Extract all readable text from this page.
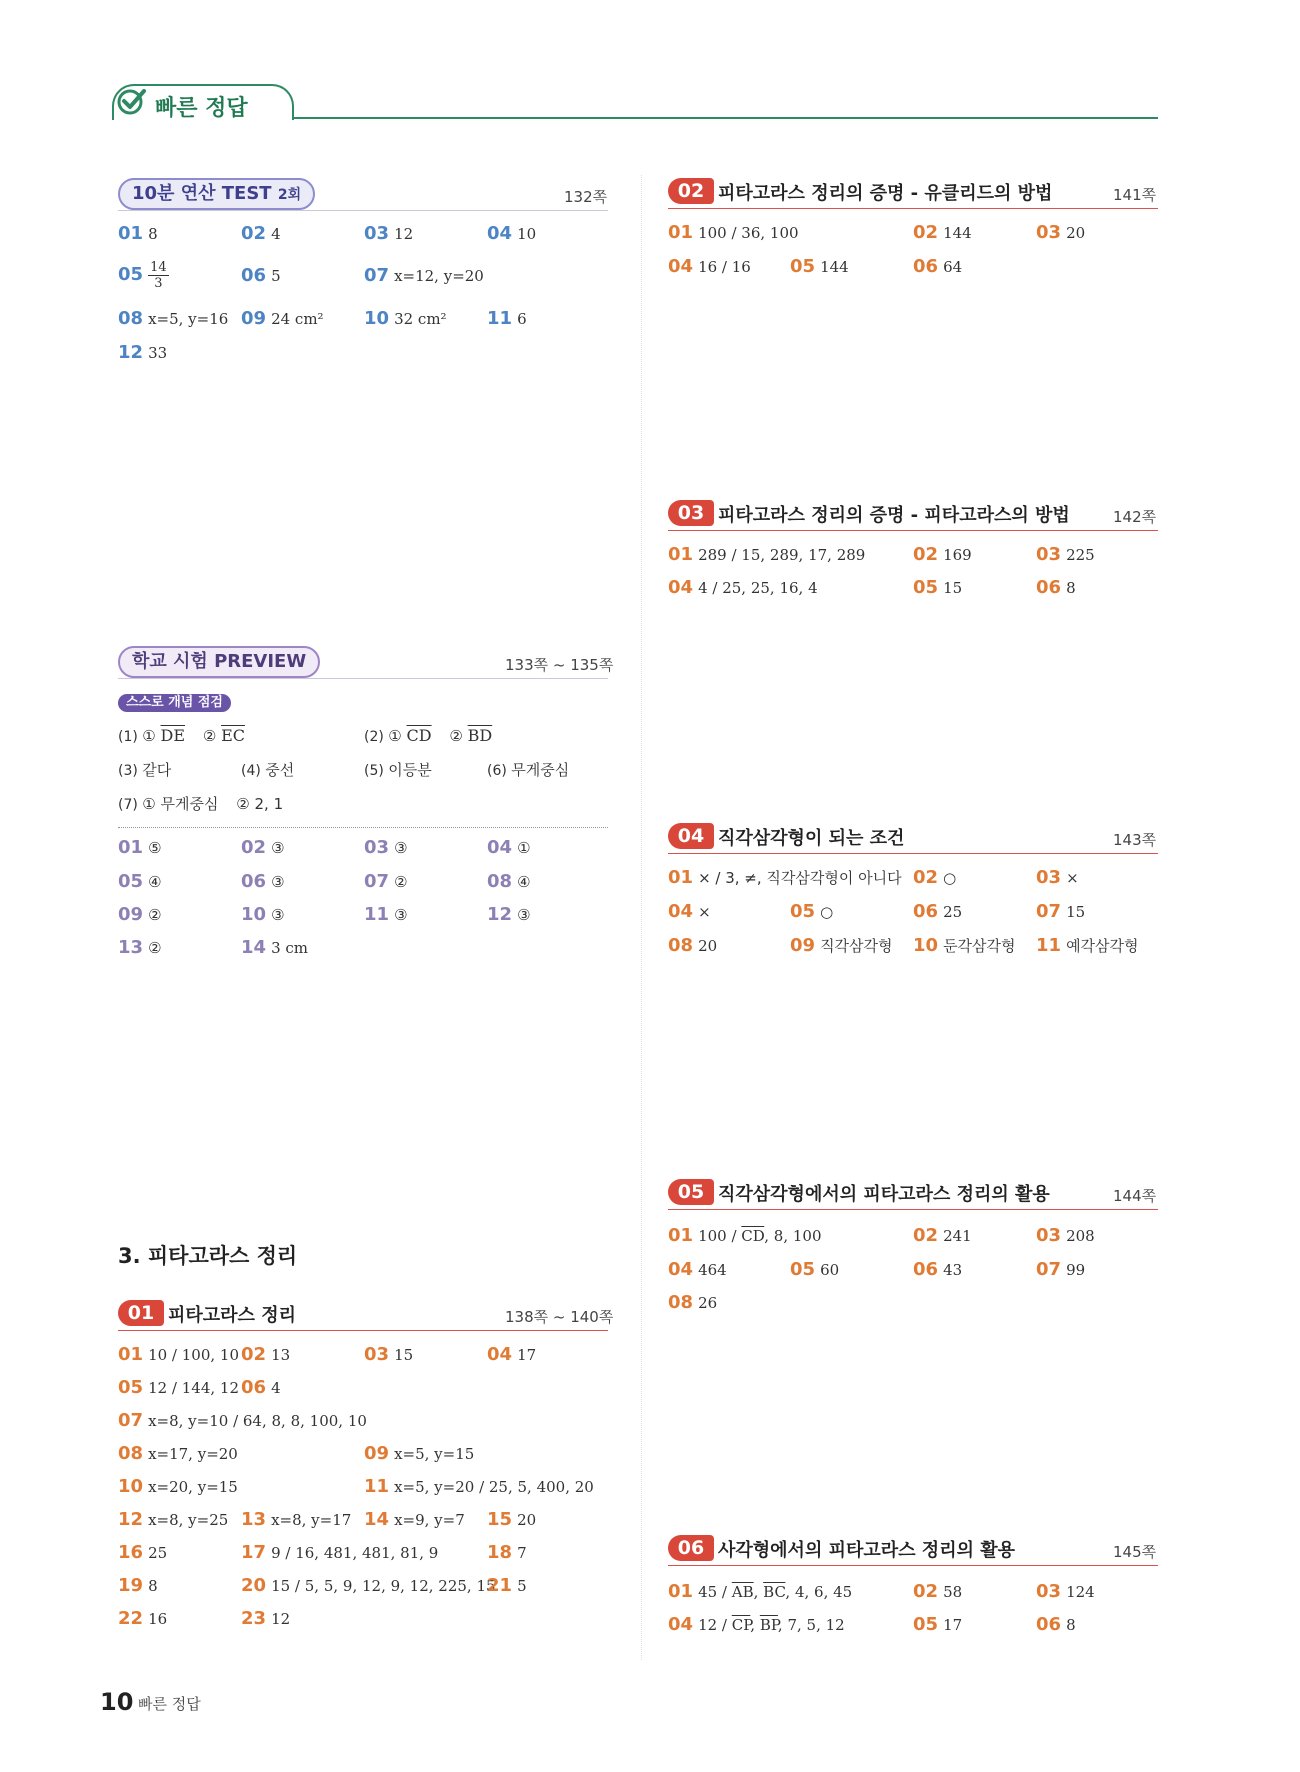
빠른 정답
10분 연산 TEST 2회	132쪽
01 8	02 4	03 12	04 10
$05 \frac{14}{3}$	06 5	07 x=12, y=20
08 x=5, y=16 09 24 cm² 10 32 cm² 11 6
12 33
학교 시험 PREVIEW	133쪽 ~ 135쪽
스스로 개념 점검
(1) ① $\overline{DE}$ ② $\overline{EC}$	(2) ① $\overline{CD}$ ② $\overline{BD}$
(3) 같다	(4) 중선	(5) 이등분	(6) 무게중심
(7) ① 무게중심 ② 2, 1
01 ⑤	02 ③	03 ③	04 ①
05 ④	06 ③	07 ②	08 ④
09 ②	10 ③	11 ③	12 ③
13 ②	14 3 cm
3. 피타고라스 정리
01 피타고라스 정리	138쪽 ~ 140쪽
01 10 / 100, 10 02 13	03 15	04 17
05 12 / 144, 12 06 4
07 x=8, y=10 / 64, 8, 8, 100, 10
08 x=17, y=20	09 x=5, y=15
10 x=20, y=15	11 x=5, y=20 / 25, 5, 400, 20
12 x=8, y=25 13 x=8, y=17 14 x=9, y=7 15 20
16 25	17 9 / 16, 481, 481, 81, 9	18 7
19 8	20 15 / 5, 5, 9, 12, 9, 12, 225, 15
21 5
22 16	23 12
02 피타고라스 정리의 증명 - 유클리드의 방법	141쪽
01 100 / 36, 100	02 144	03 20
04 16 / 16 05 144	06 64
03 피타고라스 정리의 증명 - 피타고라스의 방법	142쪽
01 289 / 15, 289, 17, 289	02 169	03 225
04 4 / 25, 25, 16, 4	05 15	06 8
04 직각삼각형이 되는 조건	143쪽
01 × / 3, ≠, 직각삼각형이 아니다 02 ○	03 ×
04 ×	05 ○	06 25	07 15
08 20	09 직각삼각형 10 둔각삼각형 11 예각삼각형
05 직각삼각형에서의 피타고라스 정리의 활용	144쪽
01 $100 / \overline{CD}$, 8, 100	02 241	03 208
04 464	05 60	06 43	07 99
08 26
06 사각형에서의 피타고라스 정리의 활용	145쪽
01 $45 / \overline{AB}$, $\overline{BC}$, 4, 6, 45	02 58	03 124
04 $12 / \overline{CP}$, $\overline{BP}$, 7, 5, 12	05 17	06 8
10 빠른 정답
